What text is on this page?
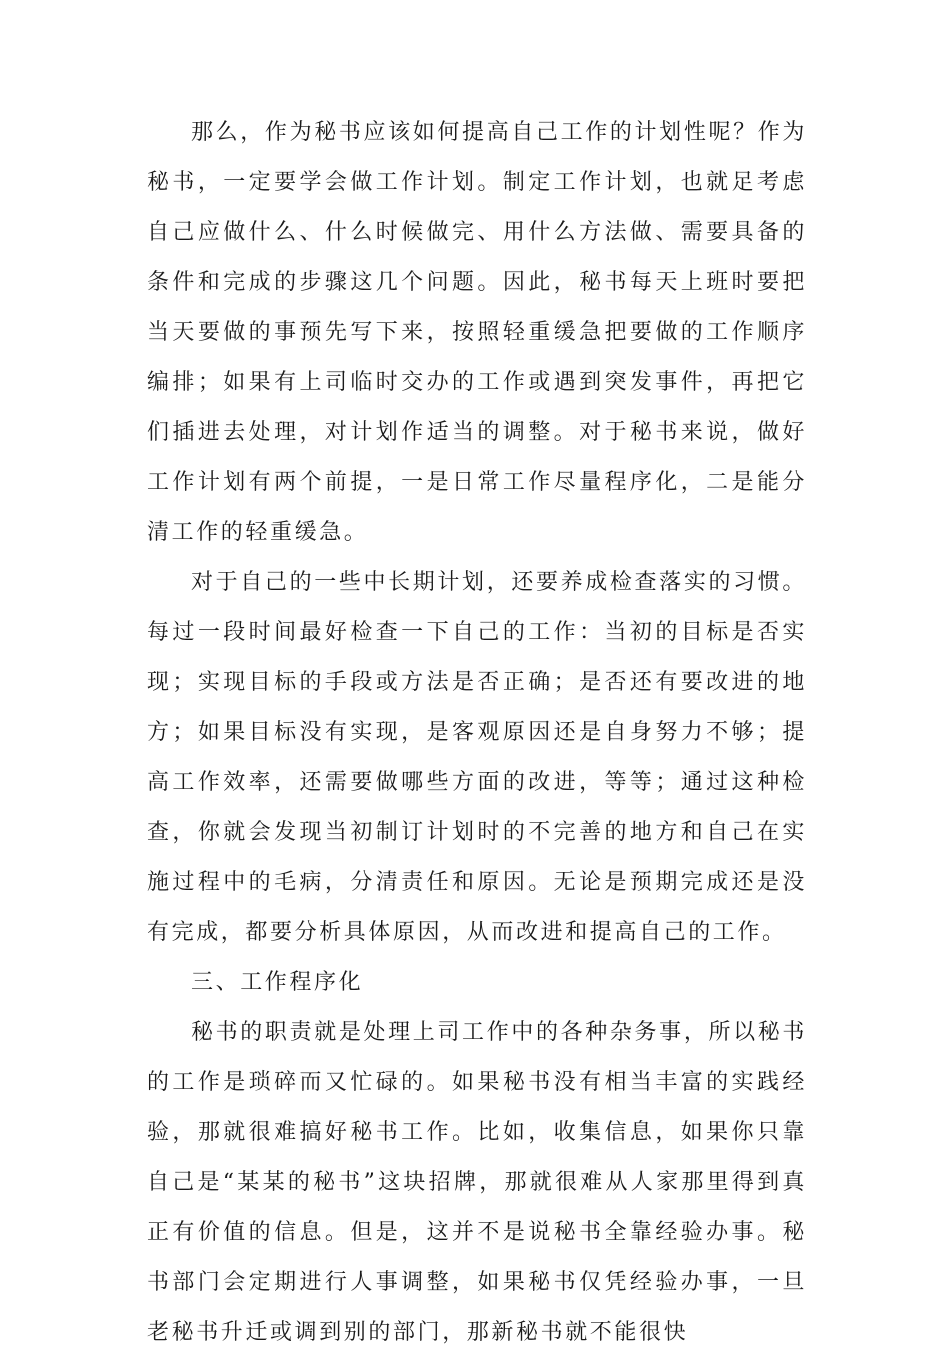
那么，作为秘书应该如何提高自己工作的计划性呢？作为秘书，一定要学会做工作计划。制定工作计划，也就足考虑自己应做什么、什么时候做完、用什么方法做、需要具备的条件和完成的步骤这几个问题。因此，秘书每天上班时要把当天要做的事预先写下来，按照轻重缓急把要做的工作顺序编排；如果有上司临时交办的工作或遇到突发事件，再把它们插进去处理，对计划作适当的调整。对于秘书来说，做好工作计划有两个前提，一是日常工作尽量程序化，二是能分清工作的轻重缓急。

对于自己的一些中长期计划，还要养成检查落实的习惯。每过一段时间最好检查一下自己的工作：当初的目标是否实现；实现目标的手段或方法是否正确；是否还有要改进的地方；如果目标没有实现，是客观原因还是自身努力不够；提高工作效率，还需要做哪些方面的改进，等等；通过这种检查，你就会发现当初制订计划时的不完善的地方和自己在实施过程中的毛病，分清责任和原因。无论是预期完成还是没有完成，都要分析具体原因，从而改进和提高自己的工作。

三、工作程序化

秘书的职责就是处理上司工作中的各种杂务事，所以秘书的工作是琐碎而又忙碌的。如果秘书没有相当丰富的实践经验，那就很难搞好秘书工作。比如，收集信息，如果你只靠自己是“某某的秘书”这块招牌，那就很难从人家那里得到真正有价值的信息。但是，这并不是说秘书全靠经验办事。秘书部门会定期进行人事调整，如果秘书仅凭经验办事，一旦老秘书升迁或调到别的部门，那新秘书就不能很快
